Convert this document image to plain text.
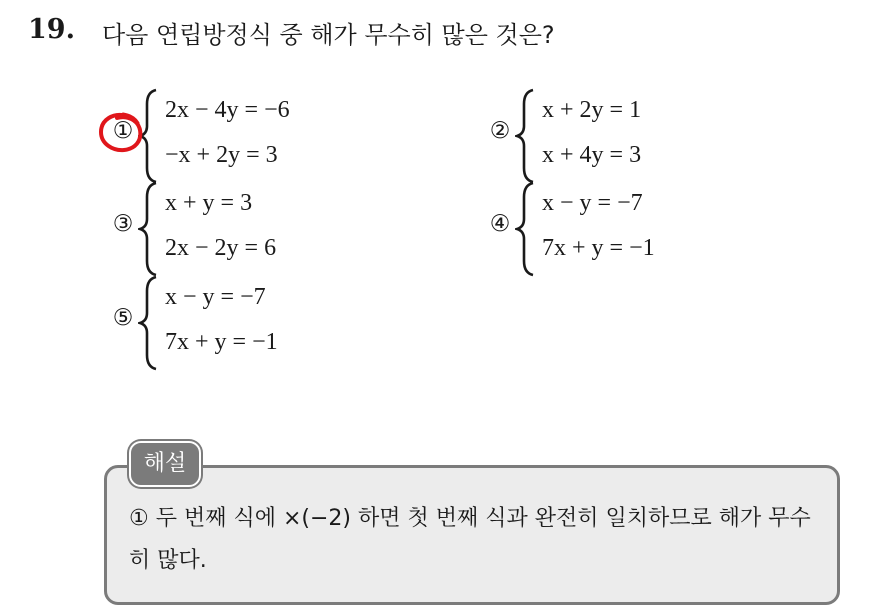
19. 다음 연립방정식 중 해가 무수히 많은 것은?
①
2x − 4y = −6
−x + 2y = 3
②
x + 2y = 1
x + 4y = 3
③
x + y = 3
2x − 2y = 6
④
x − y = −7
7x + y = −1
⑤
x − y = −7
7x + y = −1
① 두 번째 식에 ×(−2) 하면 첫 번째 식과 완전히 일치하므로 해가 무수히 많다.
해설
